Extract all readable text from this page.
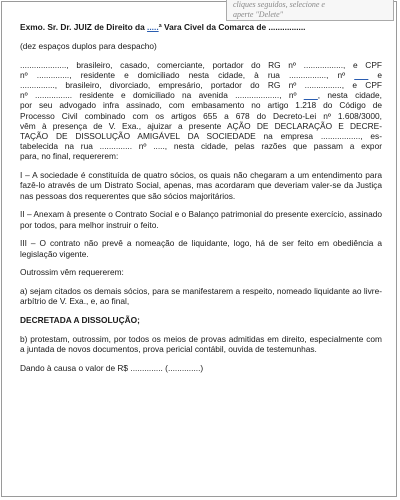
cliques seguidos, selecione e
aperte "Delete"

Exmo. Sr. Dr. JUIZ de Direito da .....ª Vara Civel da Comarca de ................

(dez espaços duplos para despacho)

...................., brasileiro, casado, comerciante, portador do RG nº ................., e CPF
nº .............., residente e domiciliado nesta cidade, à rua ................, nº ___ e
..............., brasileiro, divorciado, empresário, portador do RG nº ................, e CPF
nº ................ residente e domiciliado na avenida ..................., nº ___, nesta cidade,
por seu advogado infra assinado, com embasamento no artigo 1.218 do Código de
Processo Civil combinado com os artigos 655 a 678 do Decreto-Lei nº 1.608/3000,
vêm à presença de V. Exa., ajuizar a presente AÇÃO DE DECLARAÇÃO E DECRE-
TAÇÃO DE DISSOLUÇÃO AMIGÁVEL DA SOCIEDADE na empresa ................., es-
tabelecida na rua .............. nº ....., nesta cidade, pelas razões que passam a expor
para, no final, requererem:

I – A sociedade é constituída de quatro sócios, os quais não chegaram a um entendimento para fazê-lo através de um Distrato Social, apenas, mas acordaram que deveriam valer-se da Justiça nas pessoas dos requerentes que são sócios majoritários.

II – Anexam à presente o Contrato Social e o Balanço patrimonial do presente exercício, assinado por todos, para melhor instruir o feito.

III – O contrato não prevê a nomeação de liquidante, logo, há de ser feito em obediência a legislação vigente.

Outrossim vêm requererem:

a) sejam citados os demais sócios, para se manifestarem a respeito, nomeado liquidante ao livre-arbítrio de V. Exa., e, ao final,

DECRETADA A DISSOLUÇÃO;

b) protestam, outrossim, por todos os meios de provas admitidas em direito, especialmente com a juntada de novos documentos, prova pericial contábil, ouvida de testemunhas.

Dando à causa o valor de R$ .............. (..............)
